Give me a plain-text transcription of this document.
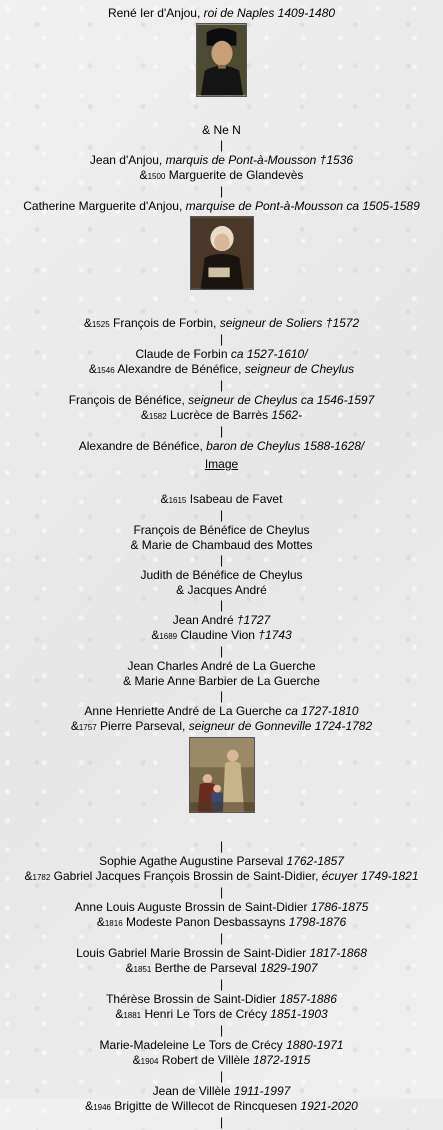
René Ier d'Anjou, roi de Naples 1409-1480
& Ne N
|
Jean d'Anjou, marquis de Pont-à-Mousson †1536
&1500 Marguerite de Glandevès
|
Catherine Marguerite d'Anjou, marquise de Pont-à-Mousson ca 1505-1589
&1525 François de Forbin, seigneur de Soliers †1572
|
Claude de Forbin ca 1527-1610/
&1546 Alexandre de Bénéfice, seigneur de Cheylus
|
François de Bénéfice, seigneur de Cheylus ca 1546-1597
&1582 Lucrèce de Barrès 1562-
|
Alexandre de Bénéfice, baron de Cheylus 1588-1628/
Image
&1615 Isabeau de Favet
|
François de Bénéfice de Cheylus
& Marie de Chambaud des Mottes
|
Judith de Bénéfice de Cheylus
& Jacques André
|
Jean André †1727
&1689 Claudine Vion †1743
|
Jean Charles André de La Guerche
& Marie Anne Barbier de La Guerche
|
Anne Henriette André de La Guerche ca 1727-1810
&1757 Pierre Parseval, seigneur de Gonneville 1724-1782
|
Sophie Agathe Augustine Parseval 1762-1857
&1782 Gabriel Jacques François Brossin de Saint-Didier, écuyer 1749-1821
|
Anne Louis Auguste Brossin de Saint-Didier 1786-1875
&1816 Modeste Panon Desbassayns 1798-1876
|
Louis Gabriel Marie Brossin de Saint-Didier 1817-1868
&1851 Berthe de Parseval 1829-1907
|
Thérèse Brossin de Saint-Didier 1857-1886
&1881 Henri Le Tors de Crécy 1851-1903
|
Marie-Madeleine Le Tors de Crécy 1880-1971
&1904 Robert de Villèle 1872-1915
|
Jean de Villèle 1911-1997
&1946 Brigitte de Willecot de Rincquesen 1921-2020
|
